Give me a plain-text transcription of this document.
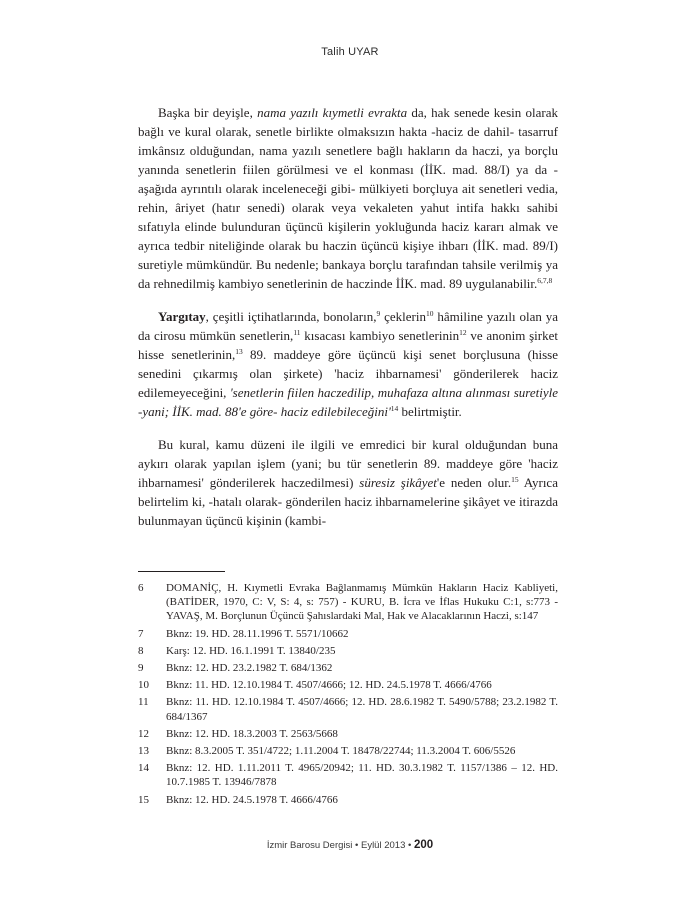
Talih UYAR

Başka bir deyişle, nama yazılı kıymetli evrakta da, hak senede kesin olarak bağlı ve kural olarak, senetle birlikte olmaksızın hakta -haciz de dahil- tasarruf imkânsız olduğundan, nama yazılı senetlere bağlı hakların da haczi, ya borçlu yanında senetlerin fiilen görülmesi ve el konması (İİK. mad. 88/I) ya da -aşağıda ayrıntılı olarak inceleneceği gibi- mülkiyeti borçluya ait senetleri vedia, rehin, âriyet (hatır senedi) olarak veya vekaleten yahut intifa hakkı sahibi sıfatıyla elinde bulunduran üçüncü kişilerin yokluğunda haciz kararı almak ve ayrıca tedbir niteliğinde olarak bu haczin üçüncü kişiye ihbarı (İİK. mad. 89/I) suretiyle mümkündür. Bu nedenle; bankaya borçlu tarafından tahsile verilmiş ya da rehnedilmiş kambiyo senetlerinin de haczinde İİK. mad. 89 uygulanabilir.$^{6,7,8}$

Yargıtay, çeşitli içtihatlarında, bonoların,$^9$ çeklerin$^{10}$ hâmiline yazılı olan ya da cirosu mümkün senetlerin,$^{11}$ kısacası kambiyo senetlerinin$^{12}$ ve anonim şirket hisse senetlerinin,$^{13}$ 89. maddeye göre üçüncü kişi senet borçlusuna (hisse senedini çıkarmış olan şirkete) 'haciz ihbarnamesi' gönderilerek haciz edilemeyeceğini, 'senetlerin fiilen haczedilip, muhafaza altına alınması suretiyle -yani; İİK. mad. 88'e göre- haciz $edilebileceğini'^{14}$ belirtmiştir.

Bu kural, kamu düzeni ile ilgili ve emredici bir kural olduğundan buna aykırı olarak yapılan işlem (yani; bu tür senetlerin 89. maddeye göre 'haciz ihbarnamesi' gönderilerek haczedilmesi) süresiz şikâyet'e neden olur.$^{15}$ Ayrıca belirtelim ki, -hatalı olarak- gönderilen haciz ihbarnamelerine şikâyet ve itirazda bulunmayan üçüncü kişinin (kambi-

6	DOMANİÇ, H. Kıymetli Evraka Bağlanmamış Mümkün Hakların Haciz Kabliyeti, (BATİDER, 1970, C: V, S: 4, s: 757) - KURU, B. İcra ve İflas Hukuku C:1, s:773 - YAVAŞ, M. Borçlunun Üçüncü Şahıslardaki Mal, Hak ve Alacaklarının Haczi, s:147
7	Bknz: 19. HD. 28.11.1996 T. 5571/10662
8	Karş: 12. HD. 16.1.1991 T. 13840/235
9	Bknz: 12. HD. 23.2.1982 T. 684/1362
10	Bknz: 11. HD. 12.10.1984 T. 4507/4666; 12. HD. 24.5.1978 T. 4666/4766
11	Bknz: 11. HD. 12.10.1984 T. 4507/4666; 12. HD. 28.6.1982 T. 5490/5788; 23.2.1982 T. 684/1367
12	Bknz: 12. HD. 18.3.2003 T. 2563/5668
13	Bknz: 8.3.2005 T. 351/4722; 1.11.2004 T. 18478/22744; 11.3.2004 T. 606/5526
14	Bknz: 12. HD. 1.11.2011 T. 4965/20942; 11. HD. 30.3.1982 T. 1157/1386 – 12. HD. 10.7.1985 T. 13946/7878
15	Bknz: 12. HD. 24.5.1978 T. 4666/4766
İzmir Barosu Dergisi • Eylül 2013 • 200
